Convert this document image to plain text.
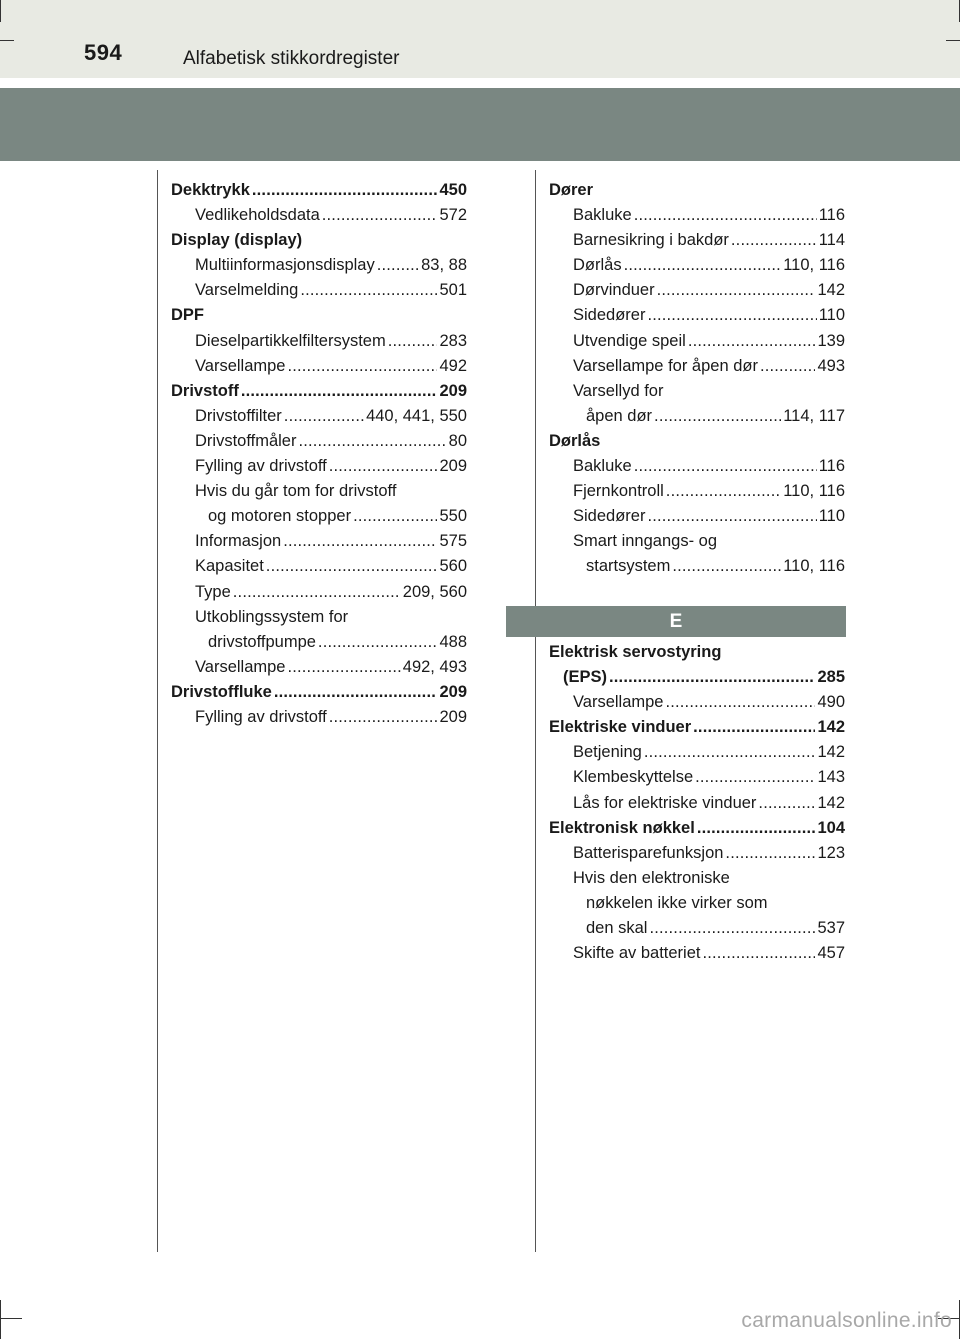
594	Alfabetisk stikkordregister
Dekktrykk . . .	450
Vedlikeholdsdata . . .	572
Display (display)
Multiinformasjonsdisplay . . .	83, 88
Varselmelding . . .	501
DPF
Dieselpartikkelfiltersystem . . .	283
Varsellampe . . .	492
Drivstoff . . .	209
Drivstoffilter . . .	440, 441, 550
Drivstoffmåler . . .	80
Fylling av drivstoff . . .	209
Hvis du går tom for drivstoff
og motoren stopper . . .	550
Informasjon . . .	575
Kapasitet . . .	560
Type . . .	209, 560
Utkoblingssystem for
drivstoffpumpe . . .	488
Varsellampe . . .	492, 493
Drivstoffluke . . .	209
Fylling av drivstoff . . .	209
Dører
Bakluke . . .	116
Barnesikring i bakdør . . .	114
Dørlås . . .	110, 116
Dørvinduer . . .	142
Sidedører . . .	110
Utvendige speil . . .	139
Varsellampe for åpen dør . . .	493
Varsellyd for
åpen dør . . .	114, 117
Dørlås
Bakluke . . .	116
Fjernkontroll . . .	110, 116
Sidedører . . .	110
Smart inngangs- og
startsystem . . .	110, 116
E
Elektrisk servostyring
(EPS) . . .	285
Varsellampe . . .	490
Elektriske vinduer . . .	142
Betjening . . .	142
Klembeskyttelse . . .	143
Lås for elektriske vinduer . . .	142
Elektronisk nøkkel . . .	104
Batterisparefunksjon . . .	123
Hvis den elektroniske
nøkkelen ikke virker som
den skal . . .	537
Skifte av batteriet . . .	457
carmanualsonline.info
